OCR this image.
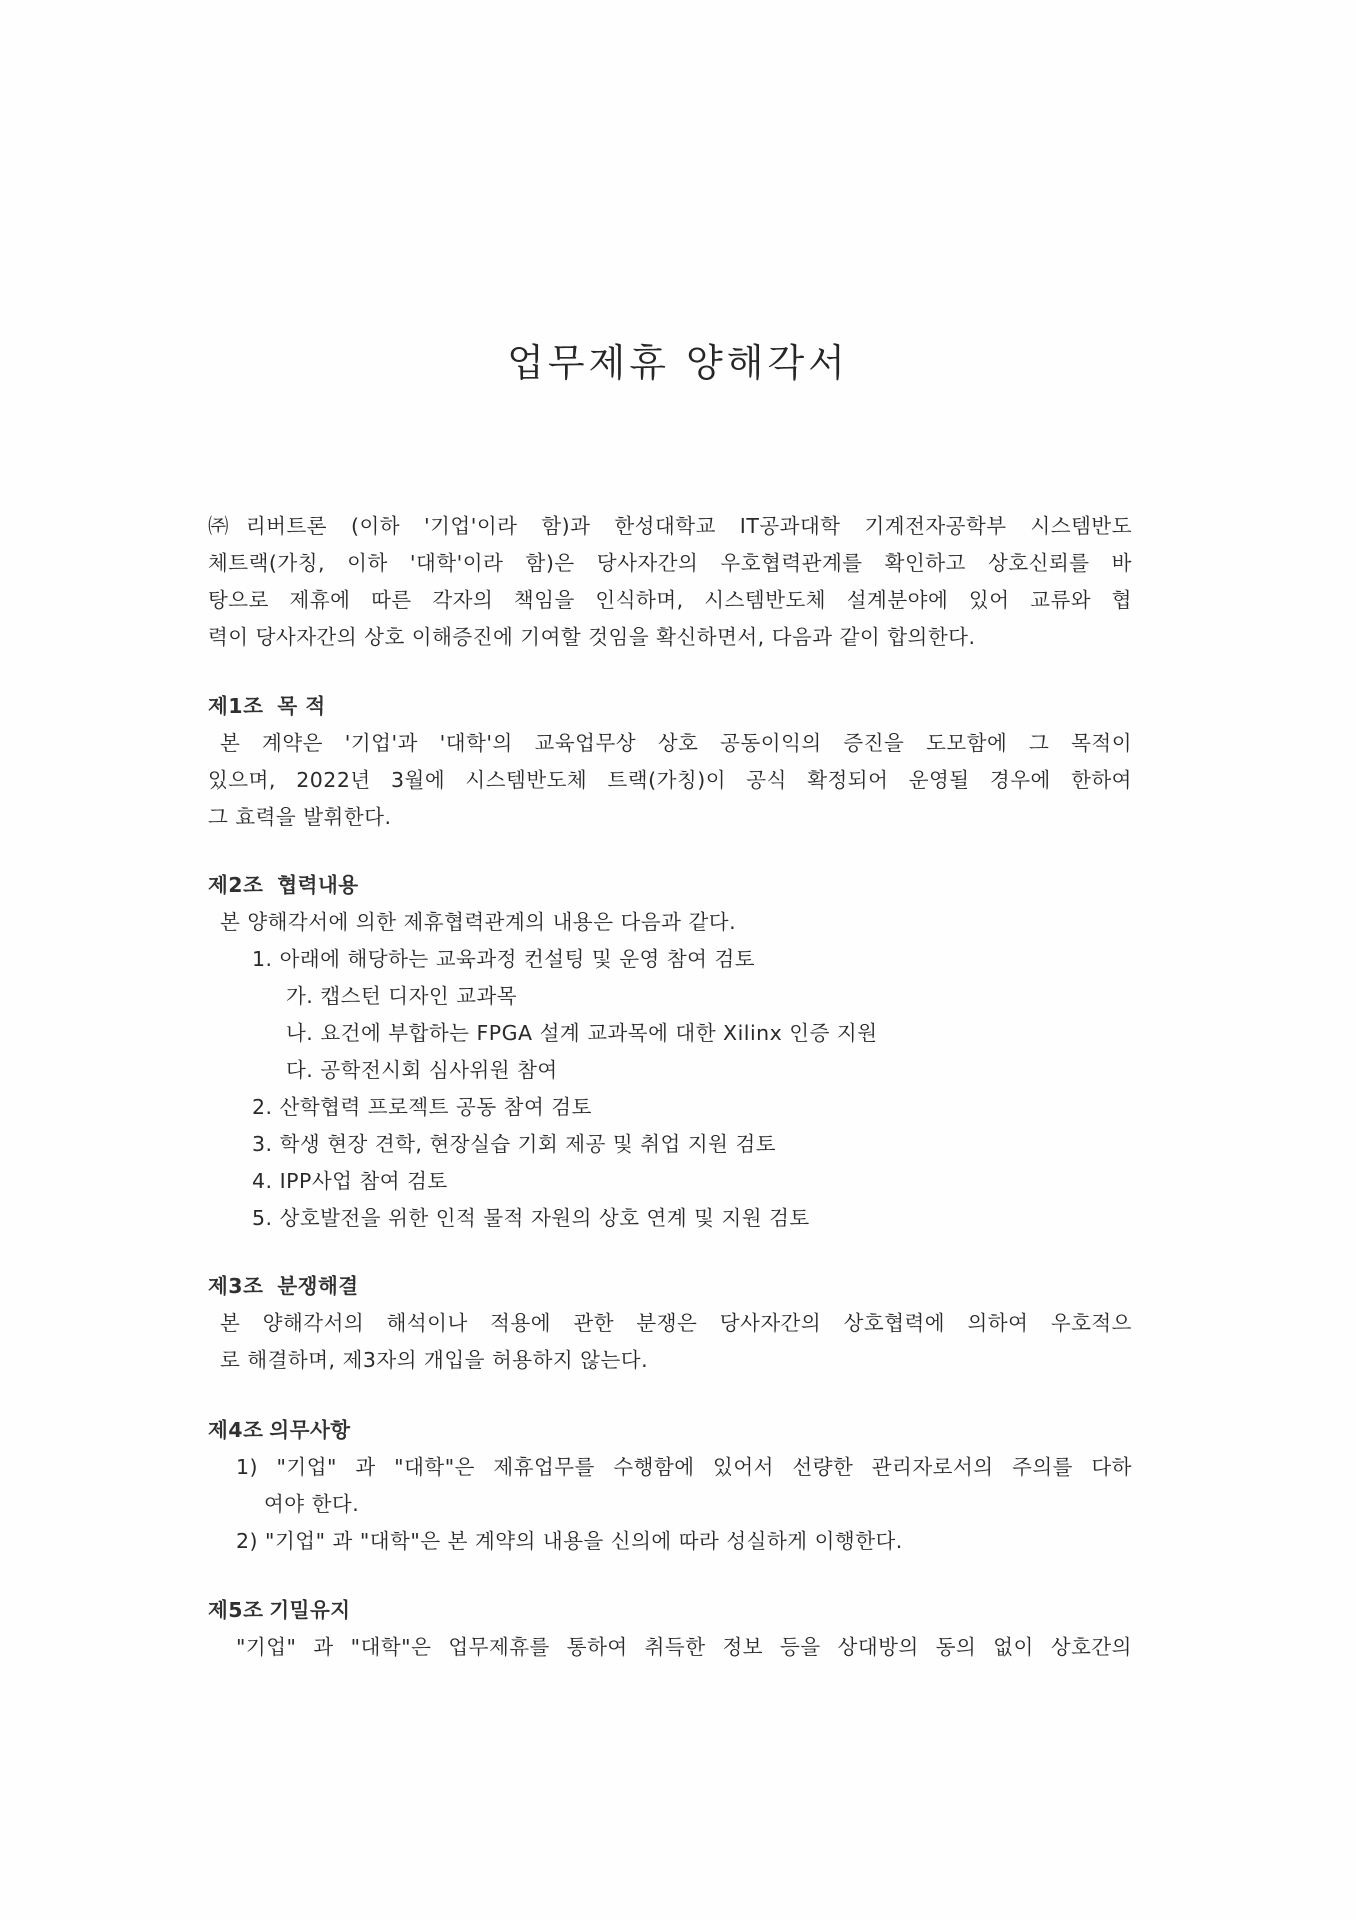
업무제휴 양해각서
㈜리버트론 (이하 '기업'이라 함)과 한성대학교 IT공과대학 기계전자공학부 시스템반도
체트랙(가칭, 이하 '대학'이라 함)은 당사자간의 우호협력관계를 확인하고 상호신뢰를 바
탕으로 제휴에 따른 각자의 책임을 인식하며, 시스템반도체 설계분야에 있어 교류와 협
력이 당사자간의 상호 이해증진에 기여할 것임을 확신하면서, 다음과 같이 합의한다.
제1조 목 적
본 계약은 '기업'과 '대학'의 교육업무상 상호 공동이익의 증진을 도모함에 그 목적이
있으며, 2022년 3월에 시스템반도체 트랙(가칭)이 공식 확정되어 운영될 경우에 한하여
그 효력을 발휘한다.
제2조 협력내용
본 양해각서에 의한 제휴협력관계의 내용은 다음과 같다.
1. 아래에 해당하는 교육과정 컨설팅 및 운영 참여 검토
가. 캡스턴 디자인 교과목
나. 요건에 부합하는 FPGA 설계 교과목에 대한 Xilinx 인증 지원
다. 공학전시회 심사위원 참여
2. 산학협력 프로젝트 공동 참여 검토
3. 학생 현장 견학, 현장실습 기회 제공 및 취업 지원 검토
4. IPP사업 참여 검토
5. 상호발전을 위한 인적 물적 자원의 상호 연계 및 지원 검토
제3조 분쟁해결
본 양해각서의 해석이나 적용에 관한 분쟁은 당사자간의 상호협력에 의하여 우호적으
로 해결하며, 제3자의 개입을 허용하지 않는다.
제4조 의무사항
1) "기업" 과 "대학"은 제휴업무를 수행함에 있어서 선량한 관리자로서의 주의를 다하
여야 한다.
2) "기업" 과 "대학"은 본 계약의 내용을 신의에 따라 성실하게 이행한다.
제5조 기밀유지
"기업" 과 "대학"은 업무제휴를 통하여 취득한 정보 등을 상대방의 동의 없이 상호간의
